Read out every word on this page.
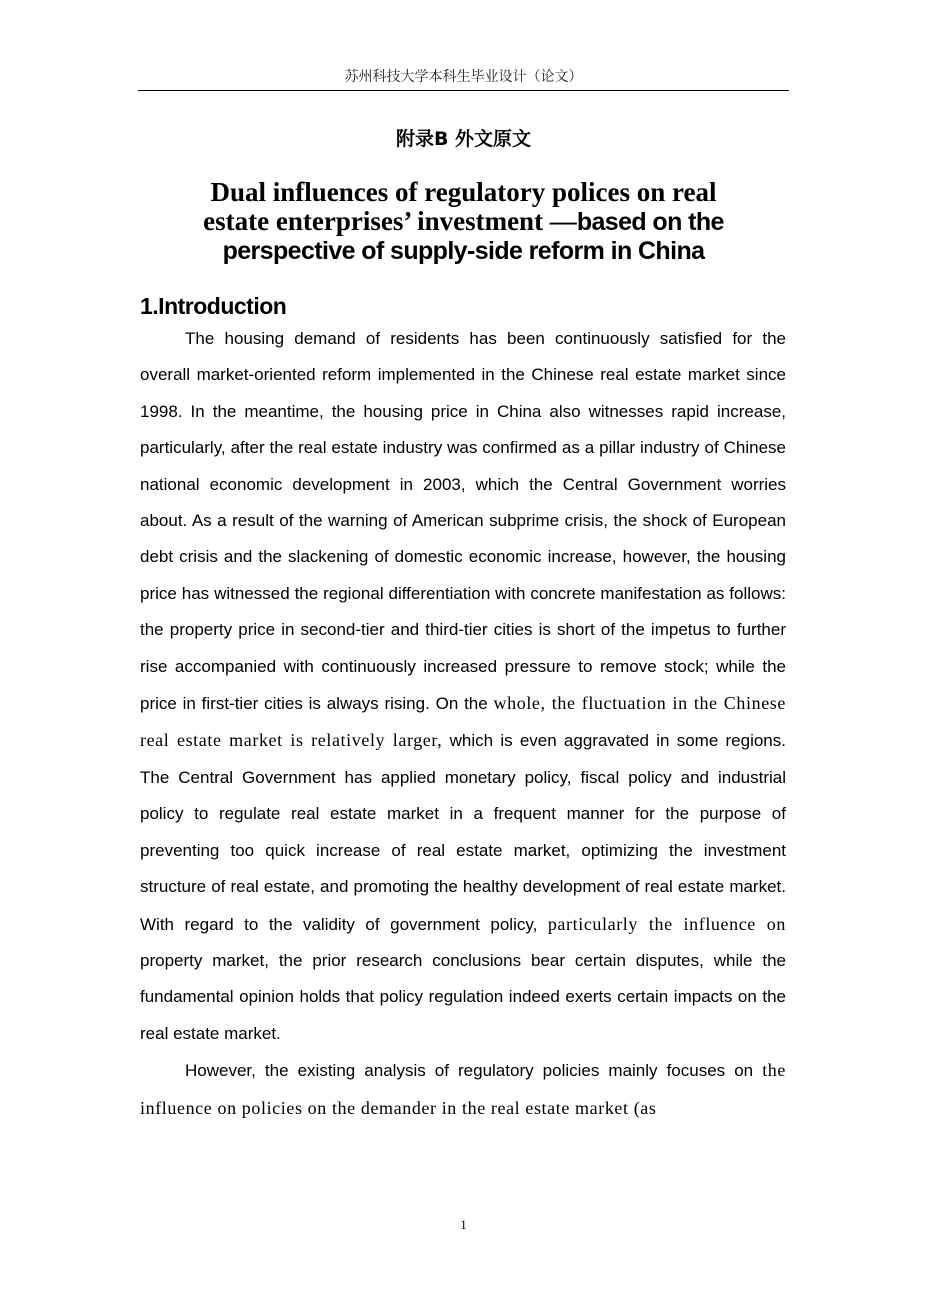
苏州科技大学本科生毕业设计（论文）
附录B 外文原文
Dual influences of regulatory polices on real
estate enterprises’ investment —based on the
perspective of supply-side reform in China
1.Introduction

The housing demand of residents has been continuously satisfied for the overall market-oriented reform implemented in the Chinese real estate market since 1998. In the meantime, the housing price in China also witnesses rapid increase, particularly, after the real estate industry was confirmed as a pillar industry of Chinese national economic development in 2003, which the Central Government worries about. As a result of the warning of American subprime crisis, the shock of European debt crisis and the slackening of domestic economic increase, however, the housing price has witnessed the regional differentiation with concrete manifestation as follows: the property price in second-tier and third-tier cities is short of the impetus to further rise accompanied with continuously increased pressure to remove stock; while the price in first-tier cities is always rising. On the whole, the fluctuation in the Chinese real estate market is relatively larger, which is even aggravated in some regions. The Central Government has applied monetary policy, fiscal policy and industrial policy to regulate real estate market in a frequent manner for the purpose of preventing too quick increase of real estate market, optimizing the investment structure of real estate, and promoting the healthy development of real estate market. With regard to the validity of government policy, particularly the influence on property market, the prior research conclusions bear certain disputes, while the fundamental opinion holds that policy regulation indeed exerts certain impacts on the real estate market.

However, the existing analysis of regulatory policies mainly focuses on the influence on policies on the demander in the real estate market (as

1
